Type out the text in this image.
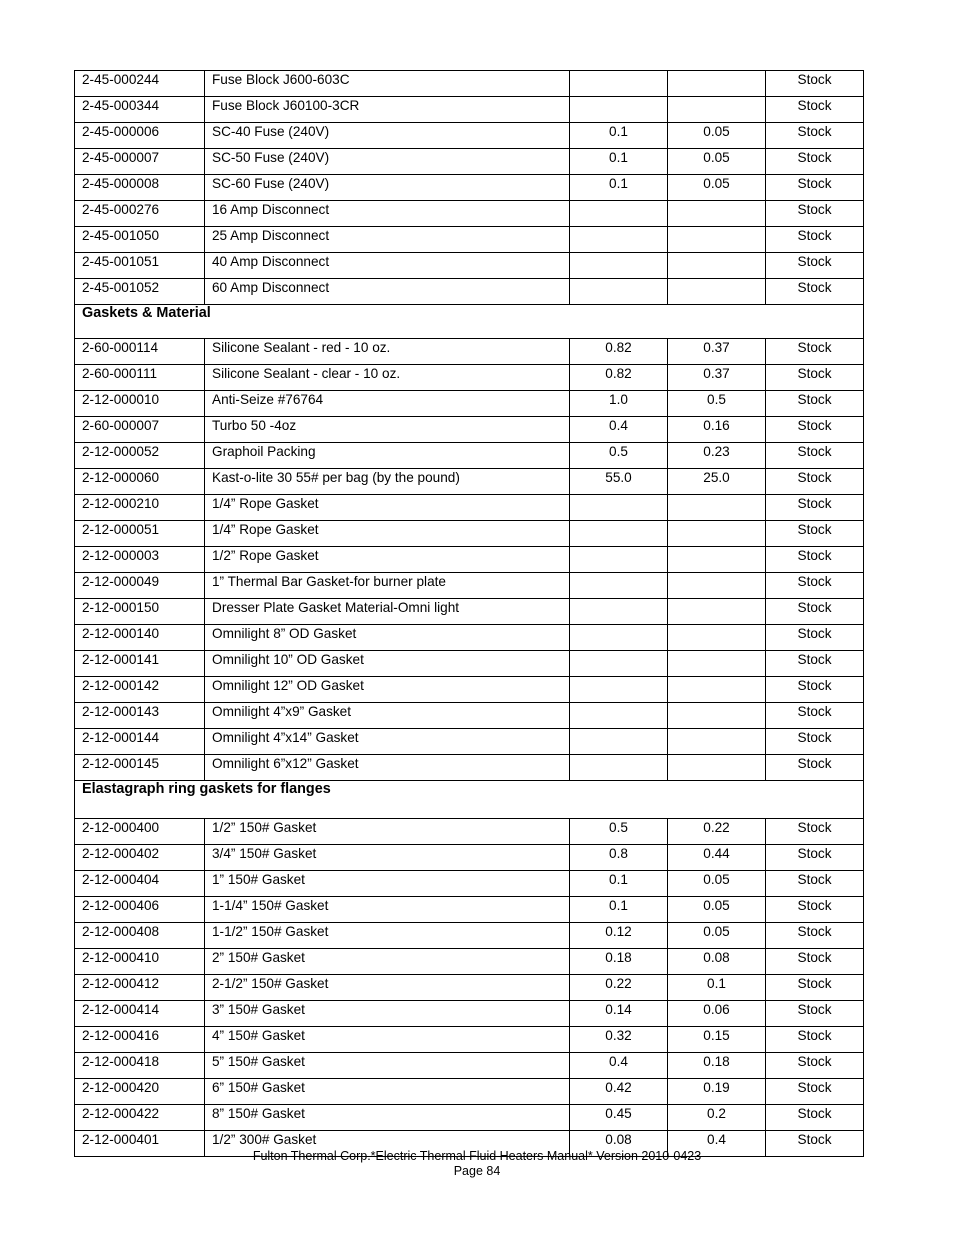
2-45-000244	Fuse Block J600-603C			Stock
2-45-000344	Fuse Block J60100-3CR			Stock
2-45-000006	SC-40 Fuse (240V)	0.1	0.05	Stock
2-45-000007	SC-50 Fuse (240V)	0.1	0.05	Stock
2-45-000008	SC-60 Fuse (240V)	0.1	0.05	Stock
2-45-000276	16 Amp Disconnect			Stock
2-45-001050	25 Amp Disconnect			Stock
2-45-001051	40 Amp Disconnect			Stock
2-45-001052	60 Amp Disconnect			Stock
Gaskets & Material				
2-60-000114	Silicone Sealant - red - 10 oz.	0.82	0.37	Stock
2-60-000111	Silicone Sealant - clear - 10 oz.	0.82	0.37	Stock
2-12-000010	Anti-Seize #76764	1.0	0.5	Stock
2-60-000007	Turbo 50 -4oz	0.4	0.16	Stock
2-12-000052	Graphoil Packing	0.5	0.23	Stock
2-12-000060	Kast-o-lite 30 55# per bag (by the pound)	55.0	25.0	Stock
2-12-000210	1/4” Rope Gasket			Stock
2-12-000051	1/4” Rope Gasket			Stock
2-12-000003	1/2” Rope Gasket			Stock
2-12-000049	1” Thermal Bar Gasket-for burner plate			Stock
2-12-000150	Dresser Plate Gasket Material-Omni light			Stock
2-12-000140	Omnilight 8” OD Gasket			Stock
2-12-000141	Omnilight 10” OD Gasket			Stock
2-12-000142	Omnilight 12” OD Gasket			Stock
2-12-000143	Omnilight 4”x9” Gasket			Stock
2-12-000144	Omnilight 4”x14” Gasket			Stock
2-12-000145	Omnilight 6”x12” Gasket			Stock
Elastagraph ring gaskets for flanges				
2-12-000400	1/2” 150# Gasket	0.5	0.22	Stock
2-12-000402	3/4” 150# Gasket	0.8	0.44	Stock
2-12-000404	1” 150# Gasket	0.1	0.05	Stock
2-12-000406	1-1/4” 150# Gasket	0.1	0.05	Stock
2-12-000408	1-1/2” 150# Gasket	0.12	0.05	Stock
2-12-000410	2” 150# Gasket	0.18	0.08	Stock
2-12-000412	2-1/2” 150# Gasket	0.22	0.1	Stock
2-12-000414	3” 150# Gasket	0.14	0.06	Stock
2-12-000416	4” 150# Gasket	0.32	0.15	Stock
2-12-000418	5” 150# Gasket	0.4	0.18	Stock
2-12-000420	6” 150# Gasket	0.42	0.19	Stock
2-12-000422	8” 150# Gasket	0.45	0.2	Stock
2-12-000401	1/2” 300# Gasket	0.08	0.4	Stock
Fulton Thermal Corp.*Electric Thermal Fluid Heaters Manual* Version 2010-0423
Page 84
